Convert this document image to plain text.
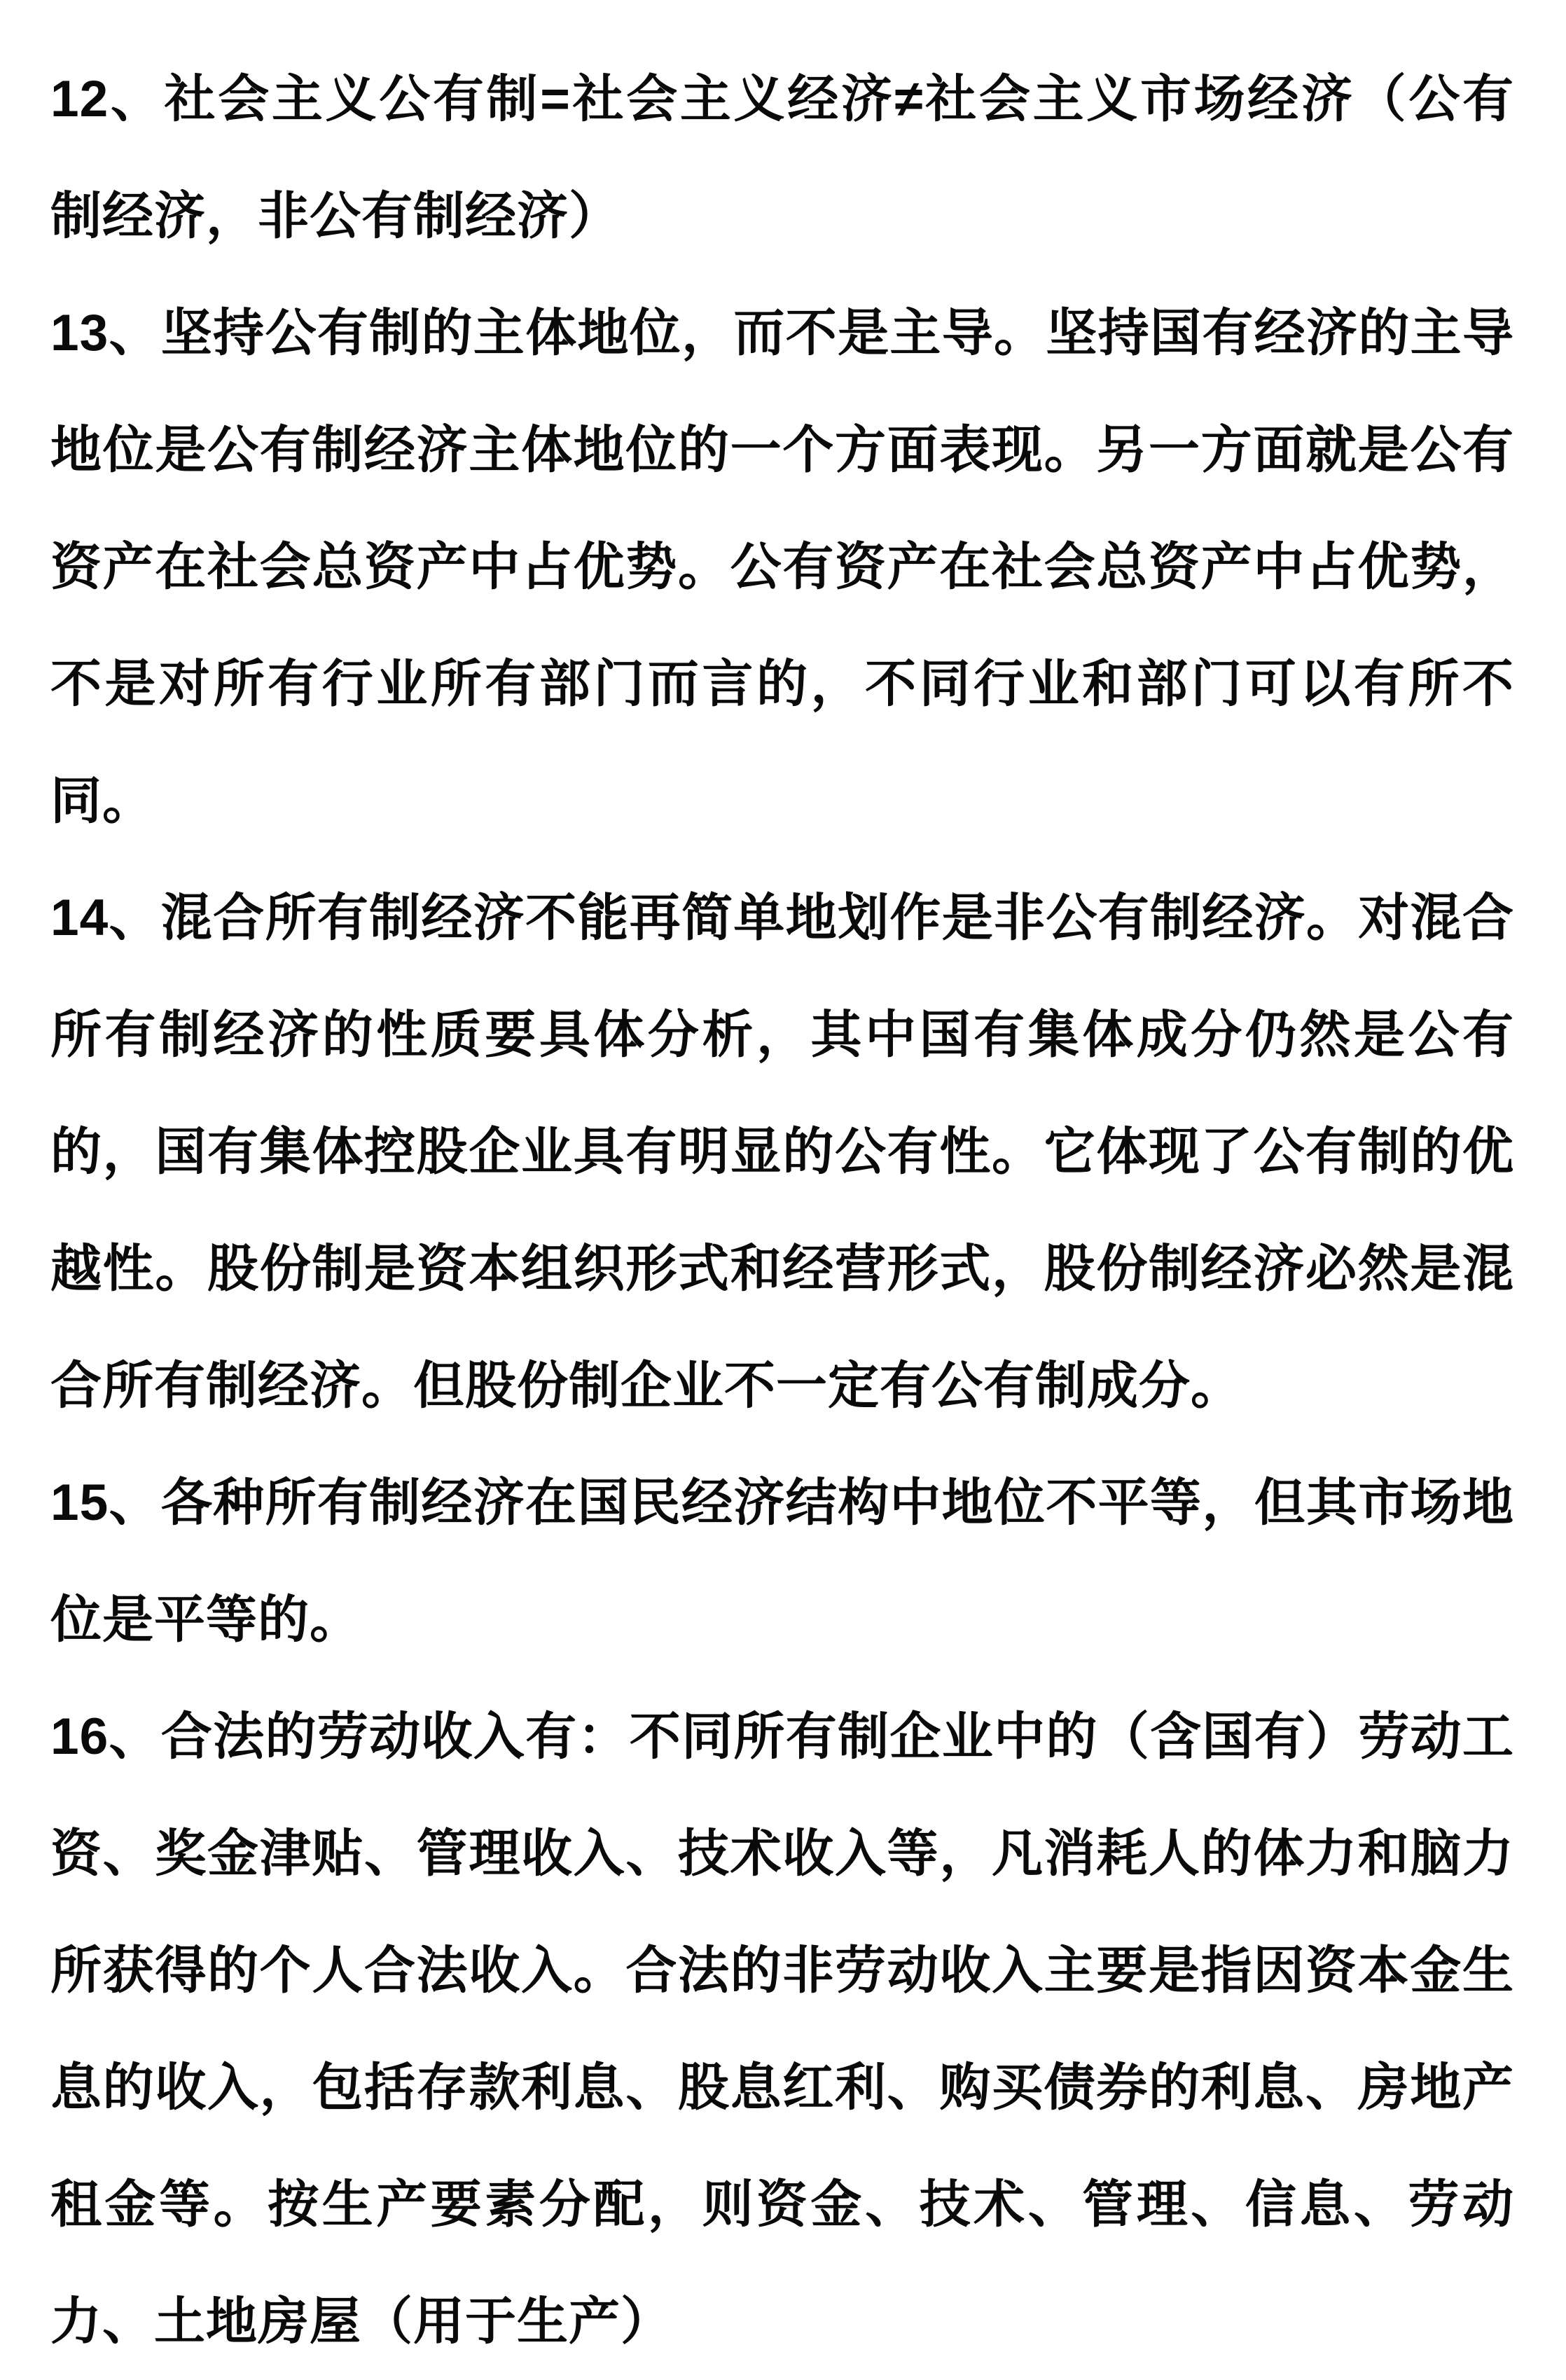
12、社会主义公有制=社会主义经济≠社会主义市场经济（公有制经济，非公有制经济）

13、坚持公有制的主体地位，而不是主导。坚持国有经济的主导地位是公有制经济主体地位的一个方面表现。另一方面就是公有资产在社会总资产中占优势。公有资产在社会总资产中占优势，不是对所有行业所有部门而言的，不同行业和部门可以有所不同。

14、混合所有制经济不能再简单地划作是非公有制经济。对混合所有制经济的性质要具体分析，其中国有集体成分仍然是公有的，国有集体控股企业具有明显的公有性。它体现了公有制的优越性。股份制是资本组织形式和经营形式，股份制经济必然是混合所有制经济。但股份制企业不一定有公有制成分。

15、各种所有制经济在国民经济结构中地位不平等，但其市场地位是平等的。

16、合法的劳动收入有：不同所有制企业中的（含国有）劳动工资、奖金津贴、管理收入、技术收入等，凡消耗人的体力和脑力所获得的个人合法收入。合法的非劳动收入主要是指因资本金生息的收入，包括存款利息、股息红利、购买债券的利息、房地产租金等。按生产要素分配，则资金、技术、管理、信息、劳动力、土地房屋（用于生产）
